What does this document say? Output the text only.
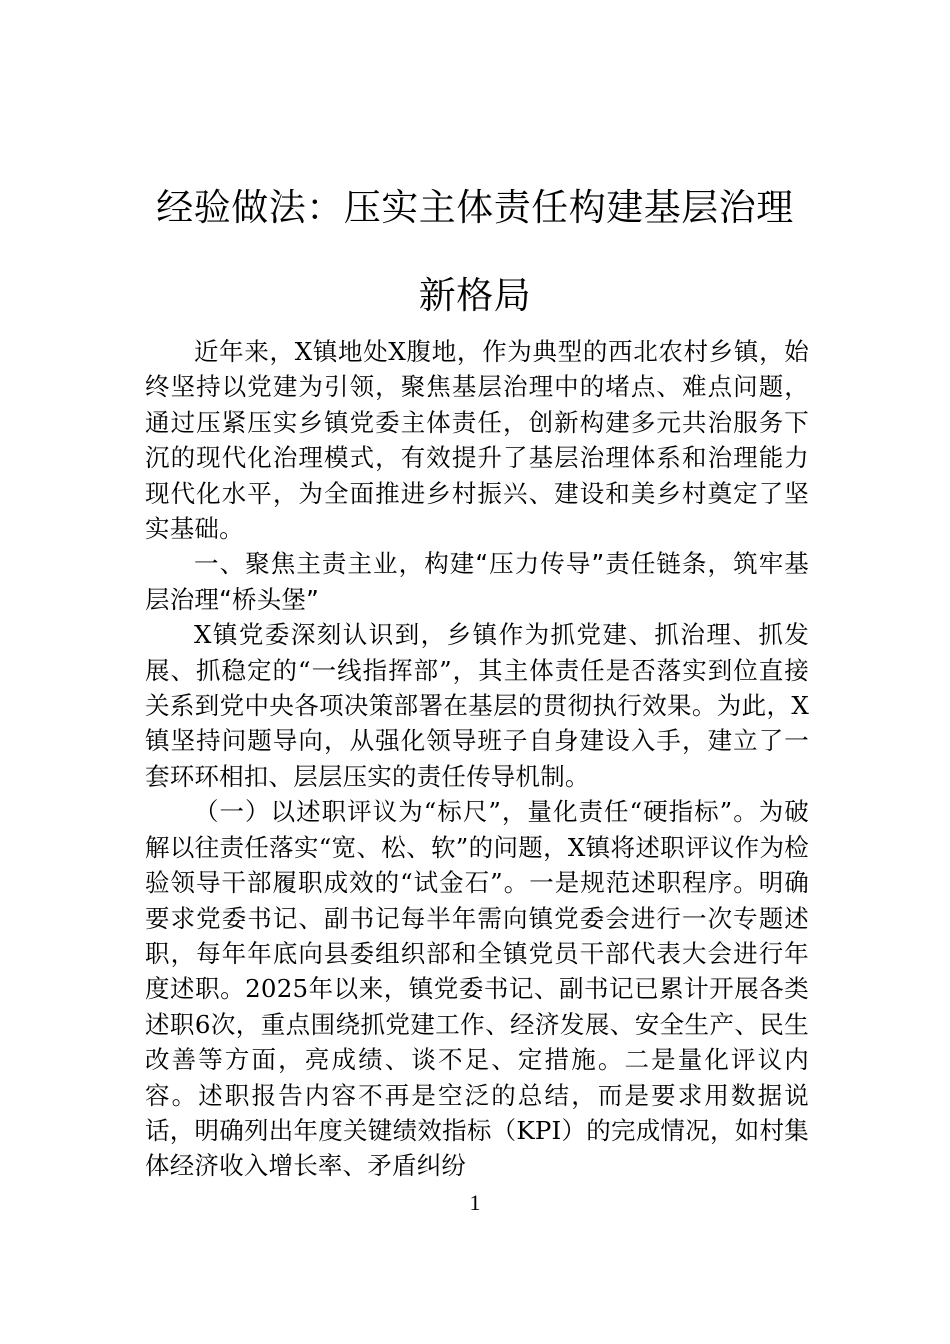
经验做法：压实主体责任构建基层治理新格局

近年来，X镇地处X腹地，作为典型的西北农村乡镇，始终坚持以党建为引领，聚焦基层治理中的堵点、难点问题，通过压紧压实乡镇党委主体责任，创新构建多元共治服务下沉的现代化治理模式，有效提升了基层治理体系和治理能力现代化水平，为全面推进乡村振兴、建设和美乡村奠定了坚实基础。

一、聚焦主责主业，构建“压力传导”责任链条，筑牢基层治理“桥头堡”

X镇党委深刻认识到，乡镇作为抓党建、抓治理、抓发展、抓稳定的“一线指挥部”，其主体责任是否落实到位直接关系到党中央各项决策部署在基层的贯彻执行效果。为此，X镇坚持问题导向，从强化领导班子自身建设入手，建立了一套环环相扣、层层压实的责任传导机制。

（一）以述职评议为“标尺”，量化责任“硬指标”。为破解以往责任落实“宽、松、软”的问题，X镇将述职评议作为检验领导干部履职成效的“试金石”。一是规范述职程序。明确要求党委书记、副书记每半年需向镇党委会进行一次专题述职，每年年底向县委组织部和全镇党员干部代表大会进行年度述职。2025年以来，镇党委书记、副书记已累计开展各类述职6次，重点围绕抓党建工作、经济发展、安全生产、民生改善等方面，亮成绩、谈不足、定措施。二是量化评议内容。述职报告内容不再是空泛的总结，而是要求用数据说话，明确列出年度关键绩效指标（KPI）的完成情况，如村集体经济收入增长率、矛盾纠纷

1
